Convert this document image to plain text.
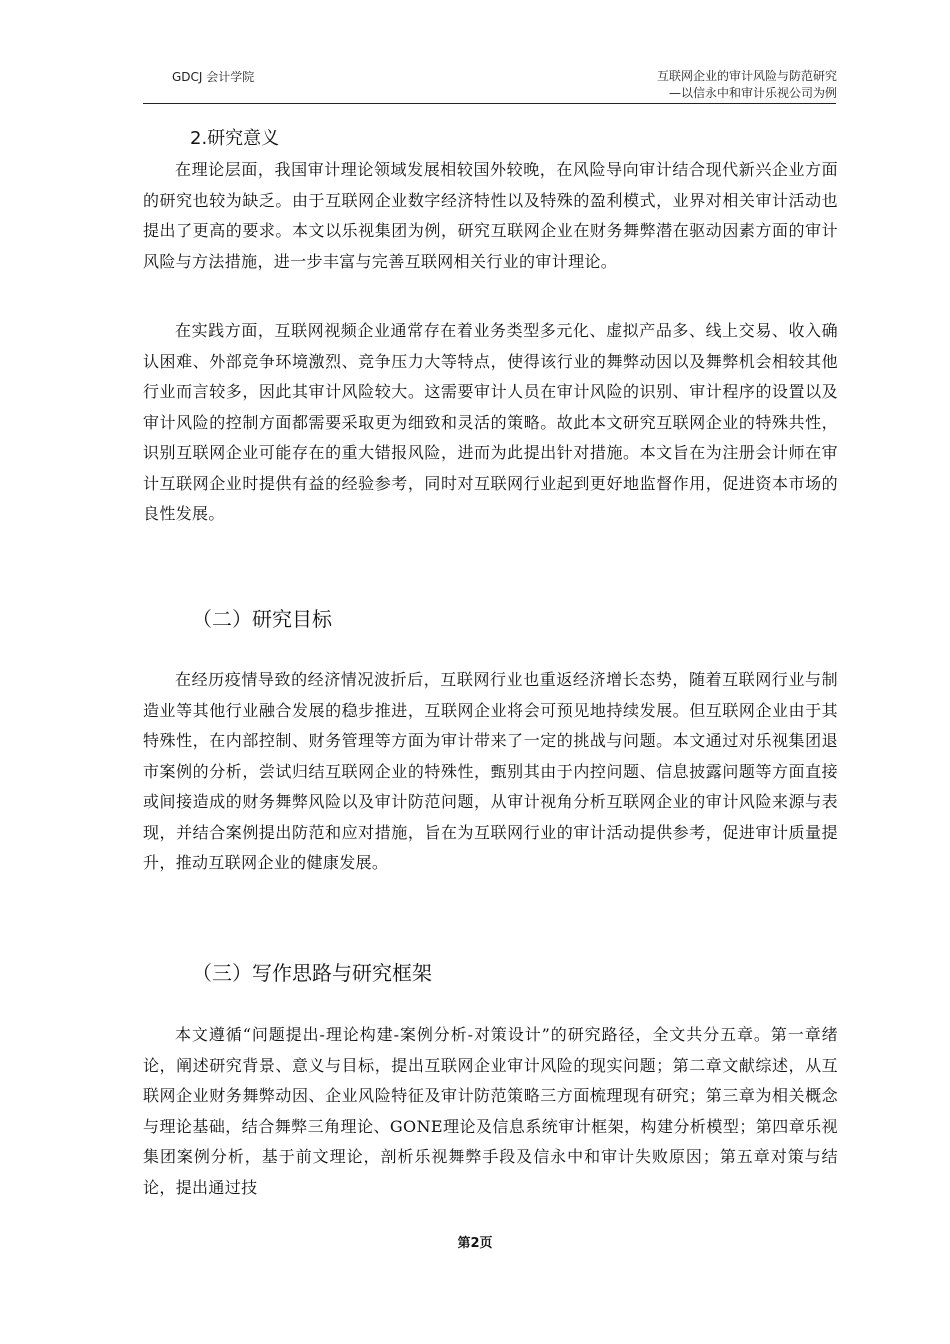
GDCJ 会计学院	互联网企业的审计风险与防范研究
—以信永中和审计乐视公司为例
2.研究意义

在理论层面，我国审计理论领域发展相较国外较晚，在风险导向审计结合现代新兴企业方面的研究也较为缺乏。由于互联网企业数字经济特性以及特殊的盈利模式，业界对相关审计活动也提出了更高的要求。本文以乐视集团为例，研究互联网企业在财务舞弊潜在驱动因素方面的审计风险与方法措施，进一步丰富与完善互联网相关行业的审计理论。

在实践方面，互联网视频企业通常存在着业务类型多元化、虚拟产品多、线上交易、收入确认困难、外部竞争环境激烈、竞争压力大等特点，使得该行业的舞弊动因以及舞弊机会相较其他行业而言较多，因此其审计风险较大。这需要审计人员在审计风险的识别、审计程序的设置以及审计风险的控制方面都需要采取更为细致和灵活的策略。故此本文研究互联网企业的特殊共性，识别互联网企业可能存在的重大错报风险，进而为此提出针对措施。本文旨在为注册会计师在审计互联网企业时提供有益的经验参考，同时对互联网行业起到更好地监督作用，促进资本市场的良性发展。

（二）研究目标

在经历疫情导致的经济情况波折后，互联网行业也重返经济增长态势，随着互联网行业与制造业等其他行业融合发展的稳步推进，互联网企业将会可预见地持续发展。但互联网企业由于其特殊性，在内部控制、财务管理等方面为审计带来了一定的挑战与问题。本文通过对乐视集团退市案例的分析，尝试归结互联网企业的特殊性，甄别其由于内控问题、信息披露问题等方面直接或间接造成的财务舞弊风险以及审计防范问题，从审计视角分析互联网企业的审计风险来源与表现，并结合案例提出防范和应对措施，旨在为互联网行业的审计活动提供参考，促进审计质量提升，推动互联网企业的健康发展。

（三）写作思路与研究框架

本文遵循“问题提出-理论构建-案例分析-对策设计”的研究路径，全文共分五章。第一章绪论，阐述研究背景、意义与目标，提出互联网企业审计风险的现实问题；第二章文献综述，从互联网企业财务舞弊动因、企业风险特征及审计防范策略三方面梳理现有研究；第三章为相关概念与理论基础，结合舞弊三角理论、GONE理论及信息系统审计框架，构建分析模型；第四章乐视集团案例分析，基于前文理论，剖析乐视舞弊手段及信永中和审计失败原因；第五章对策与结论，提出通过技

第2页
